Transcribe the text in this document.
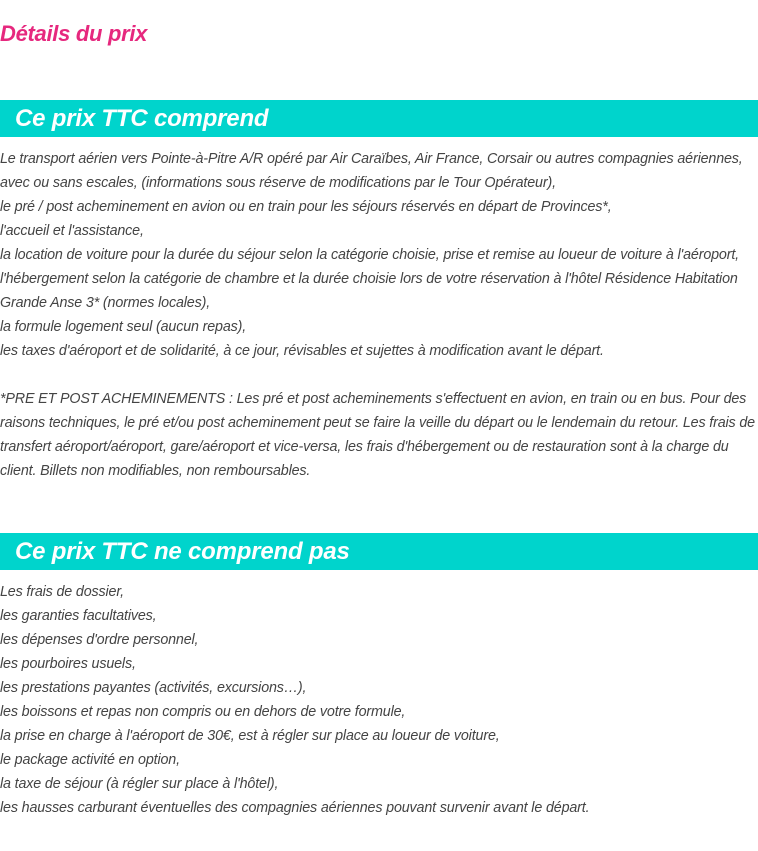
Détails du prix
Ce prix TTC comprend
Le transport aérien vers Pointe-à-Pitre A/R opéré par Air Caraïbes, Air France, Corsair ou autres compagnies aériennes, avec ou sans escales, (informations sous réserve de modifications par le Tour Opérateur),
le pré / post acheminement en avion ou en train pour les séjours réservés en départ de Provinces*,
l'accueil et l'assistance,
la location de voiture pour la durée du séjour selon la catégorie choisie, prise et remise au loueur de voiture à l'aéroport,
l'hébergement selon la catégorie de chambre et la durée choisie lors de votre réservation à l'hôtel Résidence Habitation Grande Anse 3* (normes locales),
la formule logement seul (aucun repas),
les taxes d'aéroport et de solidarité, à ce jour, révisables et sujettes à modification avant le départ.
*PRE ET POST ACHEMINEMENTS : Les pré et post acheminements s'effectuent en avion, en train ou en bus. Pour des raisons techniques, le pré et/ou post acheminement peut se faire la veille du départ ou le lendemain du retour. Les frais de transfert aéroport/aéroport, gare/aéroport et vice-versa, les frais d'hébergement ou de restauration sont à la charge du client. Billets non modifiables, non remboursables.
Ce prix TTC ne comprend pas
Les frais de dossier,
les garanties facultatives,
les dépenses d'ordre personnel,
les pourboires usuels,
les prestations payantes (activités, excursions…),
les boissons et repas non compris ou en dehors de votre formule,
la prise en charge à l'aéroport de 30€, est à régler sur place au loueur de voiture,
le package activité en option,
la taxe de séjour (à régler sur place à l'hôtel),
les hausses carburant éventuelles des compagnies aériennes pouvant survenir avant le départ.
